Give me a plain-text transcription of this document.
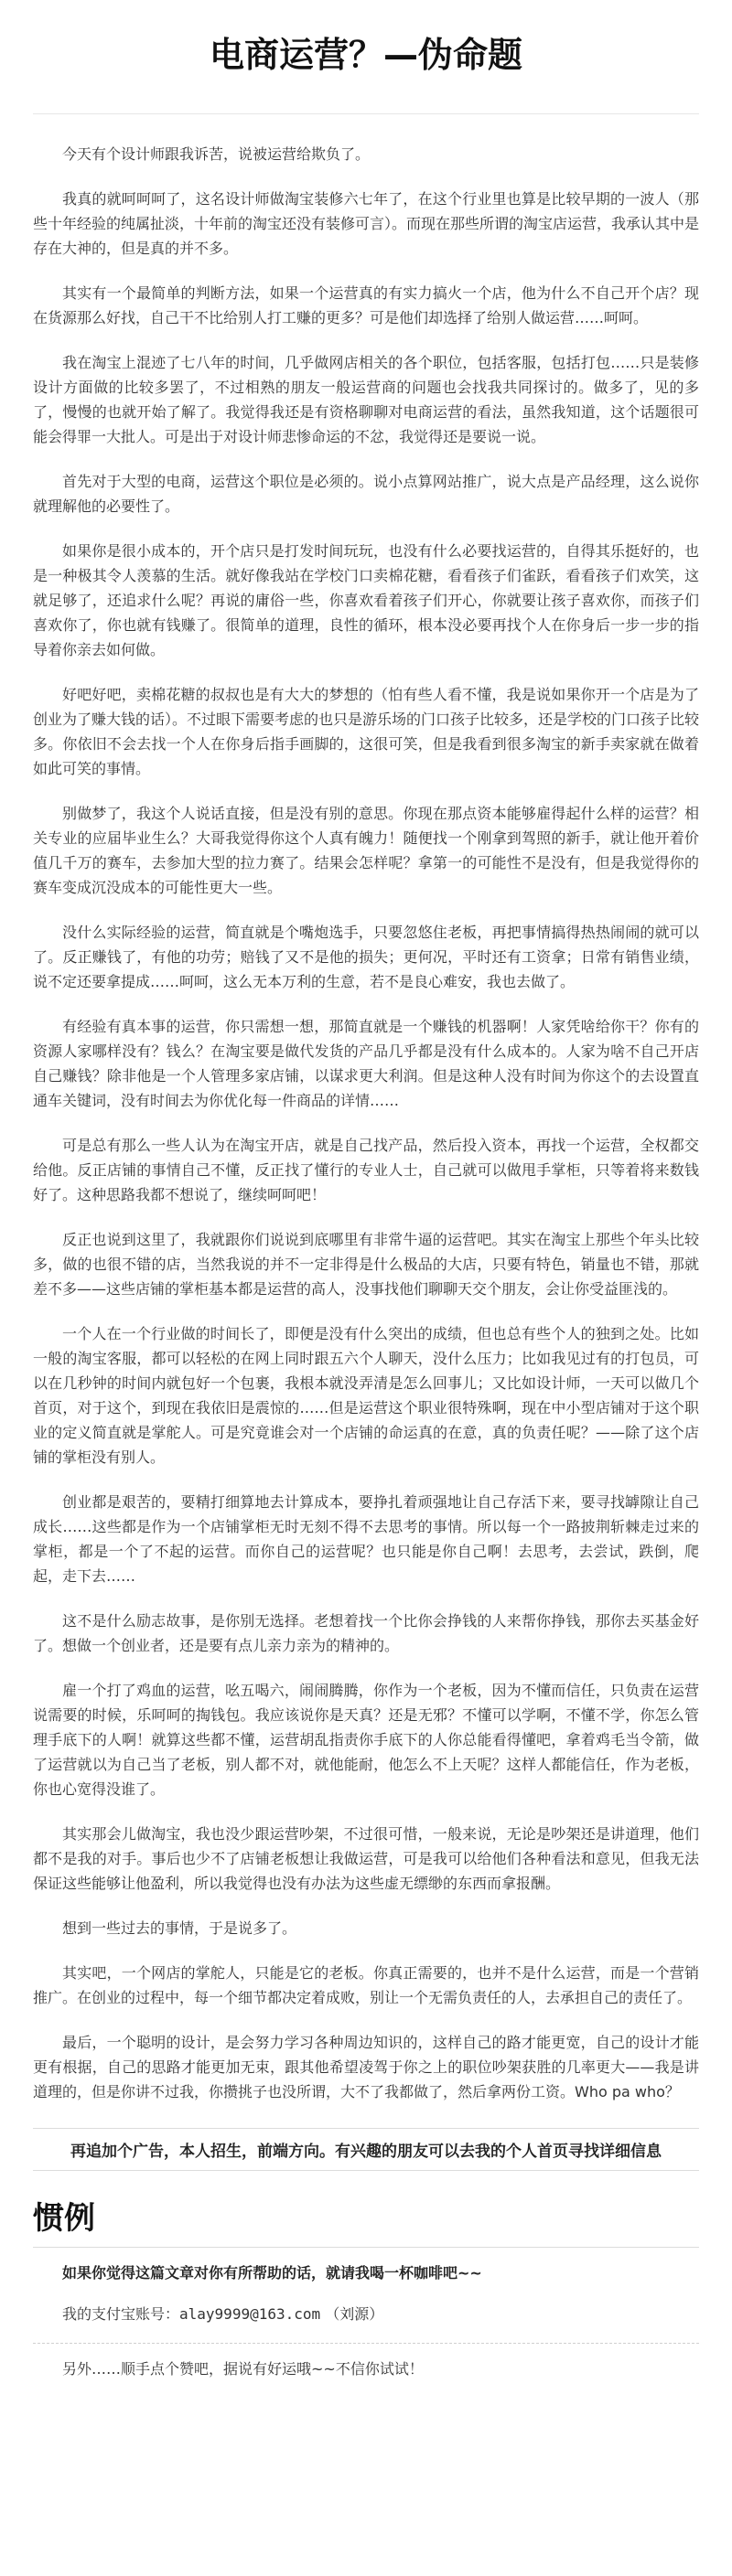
电商运营？—伪命题

今天有个设计师跟我诉苦，说被运营给欺负了。

我真的就呵呵呵了，这名设计师做淘宝装修六七年了，在这个行业里也算是比较早期的一波人（那些十年经验的纯属扯淡，十年前的淘宝还没有装修可言）。而现在那些所谓的淘宝店运营，我承认其中是存在大神的，但是真的并不多。

其实有一个最简单的判断方法，如果一个运营真的有实力搞火一个店，他为什么不自己开个店？现在货源那么好找，自己干不比给别人打工赚的更多？可是他们却选择了给别人做运营……呵呵。

我在淘宝上混迹了七八年的时间，几乎做网店相关的各个职位，包括客服，包括打包……只是装修设计方面做的比较多罢了，不过相熟的朋友一般运营商的问题也会找我共同探讨的。做多了，见的多了，慢慢的也就开始了解了。我觉得我还是有资格聊聊对电商运营的看法，虽然我知道，这个话题很可能会得罪一大批人。可是出于对设计师悲惨命运的不忿，我觉得还是要说一说。

首先对于大型的电商，运营这个职位是必须的。说小点算网站推广，说大点是产品经理，这么说你就理解他的必要性了。

如果你是很小成本的，开个店只是打发时间玩玩，也没有什么必要找运营的，自得其乐挺好的，也是一种极其令人羡慕的生活。就好像我站在学校门口卖棉花糖，看看孩子们雀跃，看看孩子们欢笑，这就足够了，还追求什么呢？再说的庸俗一些，你喜欢看着孩子们开心，你就要让孩子喜欢你，而孩子们喜欢你了，你也就有钱赚了。很简单的道理，良性的循环，根本没必要再找个人在你身后一步一步的指导着你亲去如何做。

好吧好吧，卖棉花糖的叔叔也是有大大的梦想的（怕有些人看不懂，我是说如果你开一个店是为了创业为了赚大钱的话）。不过眼下需要考虑的也只是游乐场的门口孩子比较多，还是学校的门口孩子比较多。你依旧不会去找一个人在你身后指手画脚的，这很可笑，但是我看到很多淘宝的新手卖家就在做着如此可笑的事情。

别做梦了，我这个人说话直接，但是没有别的意思。你现在那点资本能够雇得起什么样的运营？相关专业的应届毕业生么？大哥我觉得你这个人真有魄力！随便找一个刚拿到驾照的新手，就让他开着价值几千万的赛车，去参加大型的拉力赛了。结果会怎样呢？拿第一的可能性不是没有，但是我觉得你的赛车变成沉没成本的可能性更大一些。

没什么实际经验的运营，简直就是个嘴炮选手，只要忽悠住老板，再把事情搞得热热闹闹的就可以了。反正赚钱了，有他的功劳；赔钱了又不是他的损失；更何况，平时还有工资拿；日常有销售业绩，说不定还要拿提成……呵呵，这么无本万利的生意，若不是良心难安，我也去做了。

有经验有真本事的运营，你只需想一想，那简直就是一个赚钱的机器啊！人家凭啥给你干？你有的资源人家哪样没有？钱么？在淘宝要是做代发货的产品几乎都是没有什么成本的。人家为啥不自己开店自己赚钱？除非他是一个人管理多家店铺，以谋求更大利润。但是这种人没有时间为你这个的去设置直通车关键词，没有时间去为你优化每一件商品的详情……

可是总有那么一些人认为在淘宝开店，就是自己找产品，然后投入资本，再找一个运营，全权都交给他。反正店铺的事情自己不懂，反正找了懂行的专业人士，自己就可以做甩手掌柜，只等着将来数钱好了。这种思路我都不想说了，继续呵呵吧！

反正也说到这里了，我就跟你们说说到底哪里有非常牛逼的运营吧。其实在淘宝上那些个年头比较多，做的也很不错的店，当然我说的并不一定非得是什么极品的大店，只要有特色，销量也不错，那就差不多——这些店铺的掌柜基本都是运营的高人，没事找他们聊聊天交个朋友，会让你受益匪浅的。

一个人在一个行业做的时间长了，即便是没有什么突出的成绩，但也总有些个人的独到之处。比如一般的淘宝客服，都可以轻松的在网上同时跟五六个人聊天，没什么压力；比如我见过有的打包员，可以在几秒钟的时间内就包好一个包裹，我根本就没弄清是怎么回事儿；又比如设计师，一天可以做几个首页，对于这个，到现在我依旧是震惊的……但是运营这个职业很特殊啊，现在中小型店铺对于这个职业的定义简直就是掌舵人。可是究竟谁会对一个店铺的命运真的在意，真的负责任呢？——除了这个店铺的掌柜没有别人。

创业都是艰苦的，要精打细算地去计算成本，要挣扎着顽强地让自己存活下来，要寻找罅隙让自己成长……这些都是作为一个店铺掌柜无时无刻不得不去思考的事情。所以每一个一路披荆斩棘走过来的掌柜，都是一个了不起的运营。而你自己的运营呢？也只能是你自己啊！去思考，去尝试，跌倒，爬起，走下去……

这不是什么励志故事，是你别无选择。老想着找一个比你会挣钱的人来帮你挣钱，那你去买基金好了。想做一个创业者，还是要有点儿亲力亲为的精神的。

雇一个打了鸡血的运营，吆五喝六，闹闹腾腾，你作为一个老板，因为不懂而信任，只负责在运营说需要的时候，乐呵呵的掏钱包。我应该说你是天真？还是无邪？不懂可以学啊，不懂不学，你怎么管理手底下的人啊！就算这些都不懂，运营胡乱指责你手底下的人你总能看得懂吧，拿着鸡毛当令箭，做了运营就以为自己当了老板，别人都不对，就他能耐，他怎么不上天呢？这样人都能信任，作为老板，你也心宽得没谁了。

其实那会儿做淘宝，我也没少跟运营吵架，不过很可惜，一般来说，无论是吵架还是讲道理，他们都不是我的对手。事后也少不了店铺老板想让我做运营，可是我可以给他们各种看法和意见，但我无法保证这些能够让他盈利，所以我觉得也没有办法为这些虚无缥缈的东西而拿报酬。

想到一些过去的事情，于是说多了。

其实吧，一个网店的掌舵人，只能是它的老板。你真正需要的，也并不是什么运营，而是一个营销推广。在创业的过程中，每一个细节都决定着成败，别让一个无需负责任的人，去承担自己的责任了。

最后，一个聪明的设计，是会努力学习各种周边知识的，这样自己的路才能更宽，自己的设计才能更有根据，自己的思路才能更加无束，跟其他希望凌驾于你之上的职位吵架获胜的几率更大——我是讲道理的，但是你讲不过我，你攒挑子也没所谓，大不了我都做了，然后拿两份工资。Who pa who？

再追加个广告，本人招生，前端方向。有兴趣的朋友可以去我的个人首页寻找详细信息
惯例

如果你觉得这篇文章对你有所帮助的话，就请我喝一杯咖啡吧~~

我的支付宝账号：alay9999@163.com （刘源）

另外……顺手点个赞吧，据说有好运哦~~不信你试试！
